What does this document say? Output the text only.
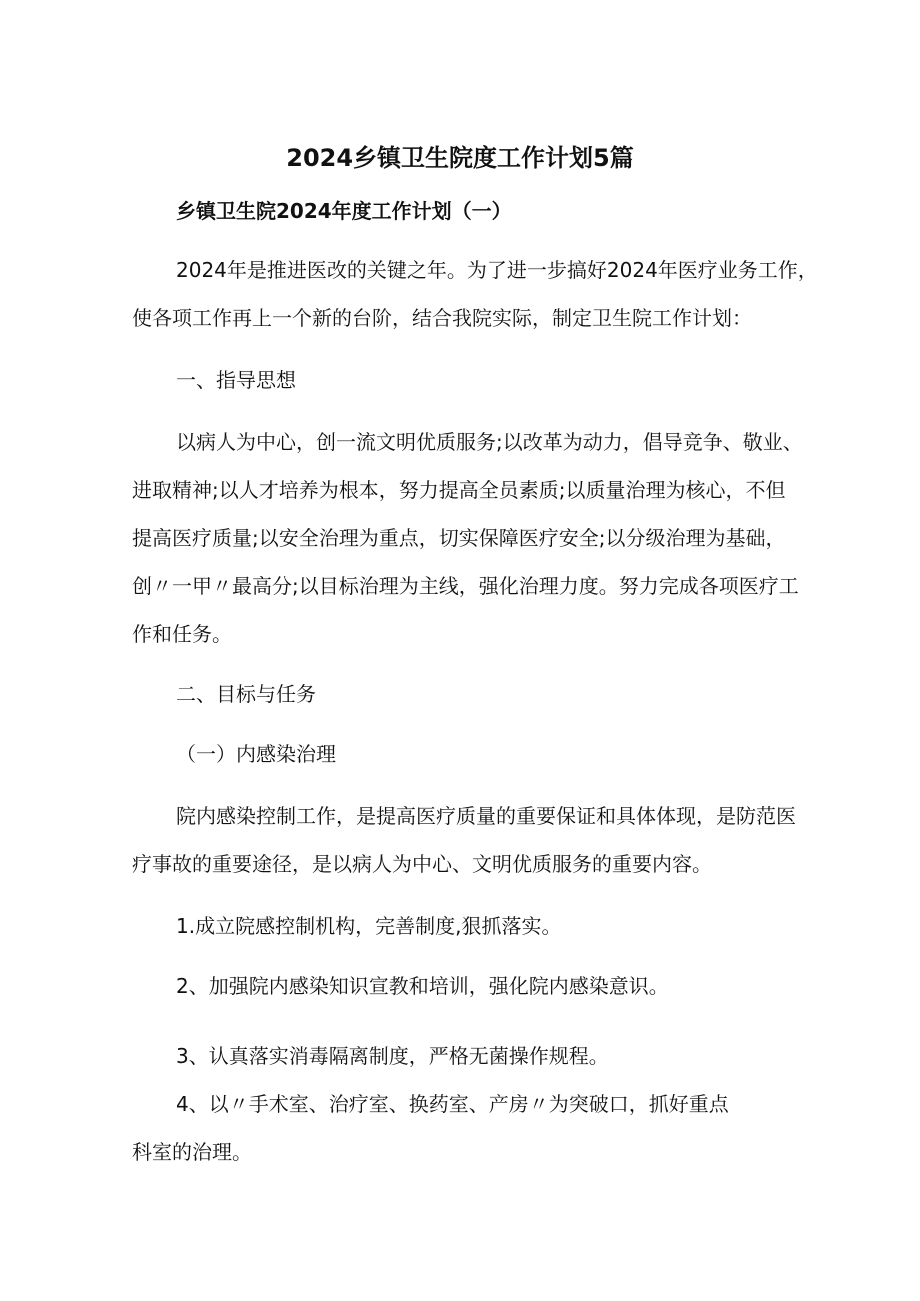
2024乡镇卫生院度工作计划5篇
乡镇卫生院2024年度工作计划（一）
2024年是推进医改的关键之年。为了进一步搞好2024年医疗业务工作，
使各项工作再上一个新的台阶，结合我院实际，制定卫生院工作计划：
一、指导思想
以病人为中心，创一流文明优质服务;以改革为动力，倡导竞争、敬业、
进取精神;以人才培养为根本，努力提高全员素质;以质量治理为核心，不但
提高医疗质量;以安全治理为重点，切实保障医疗安全;以分级治理为基础，
创〃一甲〃最高分;以目标治理为主线，强化治理力度。努力完成各项医疗工
作和任务。
二、目标与任务
（一）内感染治理
院内感染控制工作，是提高医疗质量的重要保证和具体体现，是防范医
疗事故的重要途径，是以病人为中心、文明优质服务的重要内容。
1.成立院感控制机构，完善制度,狠抓落实。
2、加强院内感染知识宣教和培训，强化院内感染意识。
3、认真落实消毒隔离制度，严格无菌操作规程。
4、以〃手术室、治疗室、换药室、产房〃为突破口，抓好重点
科室的治理。
